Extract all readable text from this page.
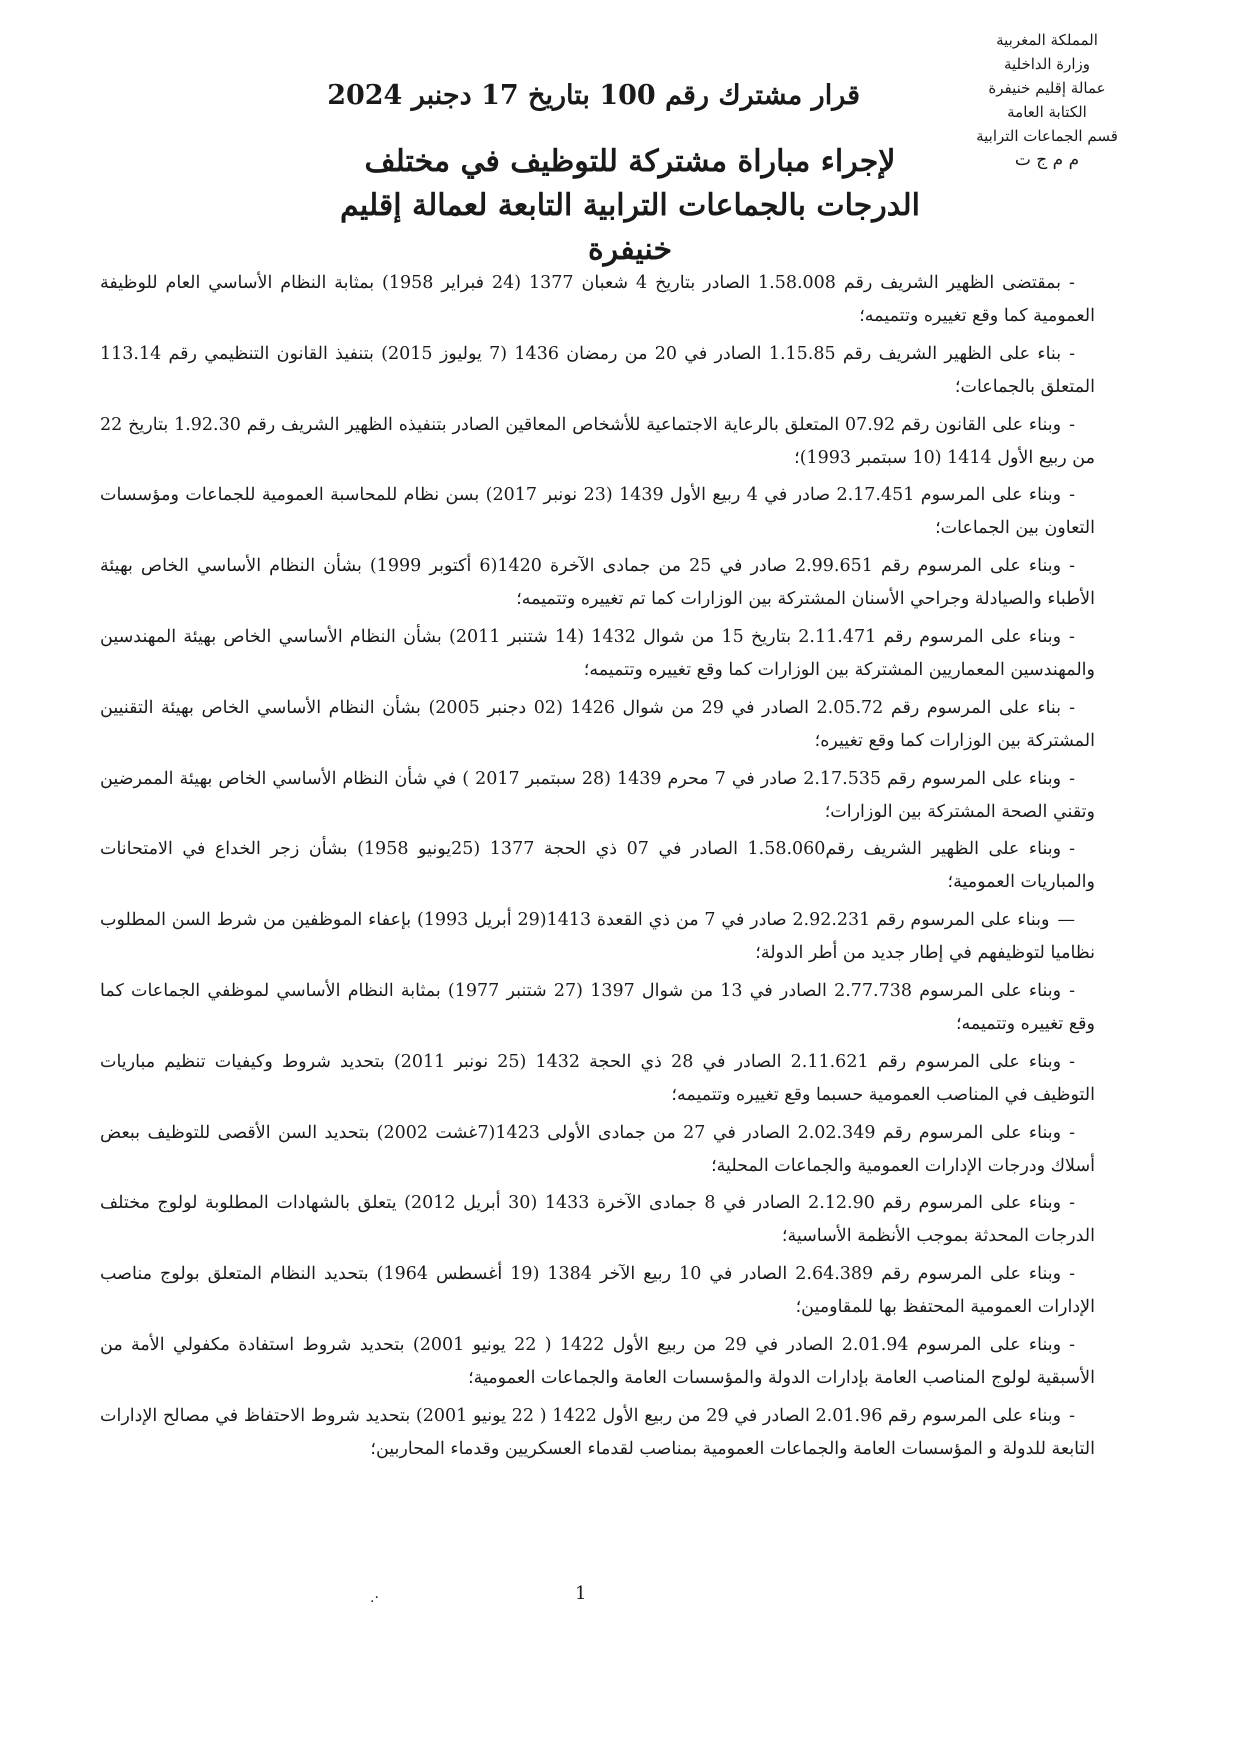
المملكة المغربية
وزارة الداخلية
عمالة إقليم خنيفرة
الكتابة العامة
قسم الجماعات الترابية
م م ج ت
قرار مشترك رقم 100 بتاريخ 17 دجنبر 2024
لإجراء مباراة مشتركة للتوظيف في مختلف الدرجات بالجماعات الترابية التابعة لعمالة إقليم خنيفرة

-بمقتضى الظهير الشريف رقم 1.58.008 الصادر بتاريخ 4 شعبان 1377 (24 فبراير 1958) بمثابة النظام الأساسي العام للوظيفة العمومية كما وقع تغييره وتتميمه؛

-بناء على الظهير الشريف رقم 1.15.85 الصادر في 20 من رمضان 1436 (7 يوليوز 2015) بتنفيذ القانون التنظيمي رقم 113.14 المتعلق بالجماعات؛

-وبناء على القانون رقم 07.92 المتعلق بالرعاية الاجتماعية للأشخاص المعاقين الصادر بتنفيذه الظهير الشريف رقم 1.92.30 بتاريخ 22 من ربيع الأول 1414 (10 سبتمبر 1993)؛

-وبناء على المرسوم 2.17.451 صادر في 4 ربيع الأول 1439 (23 نونبر 2017) بسن نظام للمحاسبة العمومية للجماعات ومؤسسات التعاون بين الجماعات؛

-وبناء على المرسوم رقم 2.99.651 صادر في 25 من جمادى الآخرة 1420(6 أكتوبر 1999) بشأن النظام الأساسي الخاص بهيئة الأطباء والصيادلة وجراحي الأسنان المشتركة بين الوزارات كما تم تغييره وتتميمه؛

-وبناء على المرسوم رقم 2.11.471 بتاريخ 15 من شوال 1432 (14 شتنبر 2011) بشأن النظام الأساسي الخاص بهيئة المهندسين والمهندسين المعماريين المشتركة بين الوزارات كما وقع تغييره وتتميمه؛

-بناء على المرسوم رقم 2.05.72 الصادر في 29 من شوال 1426 (02 دجنبر 2005) بشأن النظام الأساسي الخاص بهيئة التقنيين المشتركة بين الوزارات كما وقع تغييره؛

-وبناء على المرسوم رقم 2.17.535 صادر في 7 محرم 1439 (28 سبتمبر 2017 ) في شأن النظام الأساسي الخاص بهيئة الممرضين وتقني الصحة المشتركة بين الوزارات؛

-وبناء على الظهير الشريف رقم1.58.060 الصادر في 07 ذي الحجة 1377 (25يونيو 1958) بشأن زجر الخداع في الامتحانات والمباريات العمومية؛

—وبناء على المرسوم رقم 2.92.231 صادر في 7 من ذي القعدة 1413(29 أبريل 1993) بإعفاء الموظفين من شرط السن المطلوب نظاميا لتوظيفهم في إطار جديد من أطر الدولة؛

-وبناء على المرسوم 2.77.738 الصادر في 13 من شوال 1397 (27 شتنبر 1977) بمثابة النظام الأساسي لموظفي الجماعات كما وقع تغييره وتتميمه؛

-وبناء على المرسوم رقم 2.11.621 الصادر في 28 ذي الحجة 1432 (25 نونبر 2011) بتحديد شروط وكيفيات تنظيم مباريات التوظيف في المناصب العمومية حسبما وقع تغييره وتتميمه؛

-وبناء على المرسوم رقم 2.02.349 الصادر في 27 من جمادى الأولى 1423(7غشت 2002) بتحديد السن الأقصى للتوظيف ببعض أسلاك ودرجات الإدارات العمومية والجماعات المحلية؛

-وبناء على المرسوم رقم 2.12.90 الصادر في 8 جمادى الآخرة 1433 (30 أبريل 2012) يتعلق بالشهادات المطلوبة لولوج مختلف الدرجات المحدثة بموجب الأنظمة الأساسية؛

-وبناء على المرسوم رقم 2.64.389 الصادر في 10 ربيع الآخر 1384 (19 أغسطس 1964) بتحديد النظام المتعلق بولوج مناصب الإدارات العمومية المحتفظ بها للمقاومين؛

-وبناء على المرسوم 2.01.94 الصادر في 29 من ربيع الأول 1422 ( 22 يونيو 2001) بتحديد شروط استفادة مكفولي الأمة من الأسبقية لولوج المناصب العامة بإدارات الدولة والمؤسسات العامة والجماعات العمومية؛

-وبناء على المرسوم رقم 2.01.96 الصادر في 29 من ربيع الأول 1422 ( 22 يونيو 2001) بتحديد شروط الاحتفاظ في مصالح الإدارات التابعة للدولة و المؤسسات العامة والجماعات العمومية بمناصب لقدماء العسكريين وقدماء المحاربين؛

·.	1
